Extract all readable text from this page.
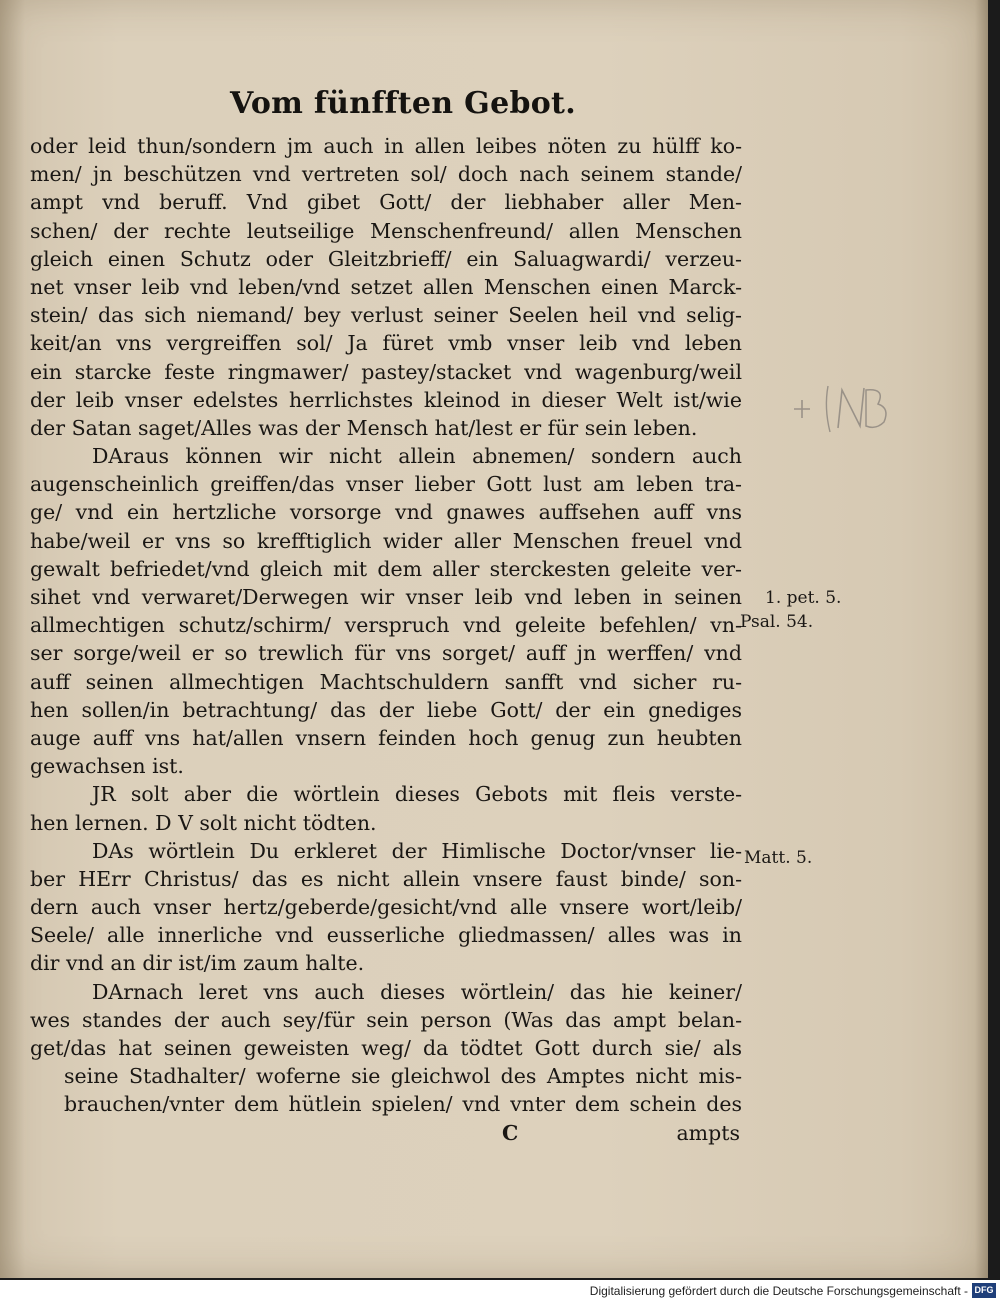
Vom fünfften Gebot.
oder leid thun/sondern jm auch in allen leibes nöten zu hülff ko-
men/ jn beschützen vnd vertreten sol/ doch nach seinem stande/
ampt vnd beruff. Vnd gibet Gott/ der liebhaber aller Men-
schen/ der rechte leutseilige Menschenfreund/ allen Menschen
gleich einen Schutz oder Gleitzbrieff/ ein Saluagwardi/ verzeu-
net vnser leib vnd leben/vnd setzet allen Menschen einen Marck-
stein/ das sich niemand/ bey verlust seiner Seelen heil vnd selig-
keit/an vns vergreiffen sol/ Ja füret vmb vnser leib vnd leben
ein starcke feste ringmawer/ pastey/stacket vnd wagenburg/weil
der leib vnser edelstes herrlichstes kleinod in dieser Welt ist/wie
der Satan saget/Alles was der Mensch hat/lest er für sein leben.
DAraus können wir nicht allein abnemen/ sondern auch
augenscheinlich greiffen/das vnser lieber Gott lust am leben tra-
ge/ vnd ein hertzliche vorsorge vnd gnawes auffsehen auff vns
habe/weil er vns so krefftiglich wider aller Menschen freuel vnd
gewalt befriedet/vnd gleich mit dem aller sterckesten geleite ver-
sihet vnd verwaret/Derwegen wir vnser leib vnd leben in seinen
allmechtigen schutz/schirm/ verspruch vnd geleite befehlen/ vn-
ser sorge/weil er so trewlich für vns sorget/ auff jn werffen/ vnd
auff seinen allmechtigen Machtschuldern sanfft vnd sicher ru-
hen sollen/in betrachtung/ das der liebe Gott/ der ein gnediges
auge auff vns hat/allen vnsern feinden hoch genug zun heubten
gewachsen ist.
JR solt aber die wörtlein dieses Gebots mit fleis verste-
hen lernen. D V solt nicht tödten.
DAs wörtlein Du erkleret der Himlische Doctor/vnser lie-
ber HErr Christus/ das es nicht allein vnsere faust binde/ son-
dern auch vnser hertz/geberde/gesicht/vnd alle vnsere wort/leib/
Seele/ alle innerliche vnd eusserliche gliedmassen/ alles was in
dir vnd an dir ist/im zaum halte.
DArnach leret vns auch dieses wörtlein/ das hie keiner/
wes standes der auch sey/für sein person (Was das ampt belan-
get/das hat seinen geweisten weg/ da tödtet Gott durch sie/ als
seine Stadhalter/ woferne sie gleichwol des Amptes nicht mis-
brauchen/vnter dem hütlein spielen/ vnd vnter dem schein des
C	ampts
1. pet. 5.
Psal. 54.
Matt. 5.
Digitalisierung gefördert durch die Deutsche Forschungsgemeinschaft - DFG
